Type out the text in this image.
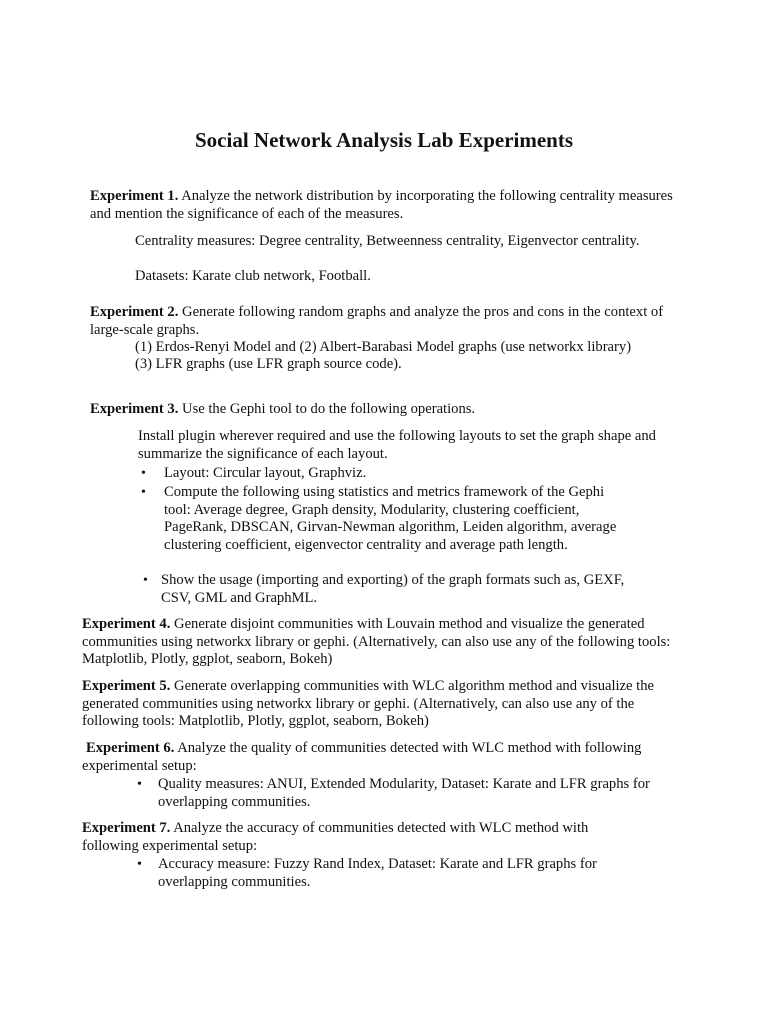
Social Network Analysis Lab Experiments
Experiment 1. Analyze the network distribution by incorporating the following centrality measures and mention the significance of each of the measures.
Centrality measures: Degree centrality, Betweenness centrality, Eigenvector centrality.
Datasets: Karate club network, Football.
Experiment 2. Generate following random graphs and analyze the pros and cons in the context of large-scale graphs.
(1) Erdos-Renyi Model and (2) Albert-Barabasi Model graphs (use networkx library)
(3) LFR graphs (use LFR graph source code).
Experiment 3. Use the Gephi tool to do the following operations.
Install plugin wherever required and use the following layouts to set the graph shape and summarize the significance of each layout.
• Layout: Circular layout, Graphviz.
• Compute the following using statistics and metrics framework of the Gephi tool: Average degree, Graph density, Modularity, clustering coefficient, PageRank, DBSCAN, Girvan-Newman algorithm, Leiden algorithm, average clustering coefficient, eigenvector centrality and average path length.
• Show the usage (importing and exporting) of the graph formats such as, GEXF, CSV, GML and GraphML.
Experiment 4. Generate disjoint communities with Louvain method and visualize the generated communities using networkx library or gephi. (Alternatively, can also use any of the following tools: Matplotlib, Plotly, ggplot, seaborn, Bokeh)
Experiment 5. Generate overlapping communities with WLC algorithm method and visualize the generated communities using networkx library or gephi. (Alternatively, can also use any of the following tools: Matplotlib, Plotly, ggplot, seaborn, Bokeh)
Experiment 6. Analyze the quality of communities detected with WLC method with following experimental setup:
• Quality measures: ANUI, Extended Modularity, Dataset: Karate and LFR graphs for overlapping communities.
Experiment 7. Analyze the accuracy of communities detected with WLC method with following experimental setup:
• Accuracy measure: Fuzzy Rand Index, Dataset: Karate and LFR graphs for overlapping communities.
